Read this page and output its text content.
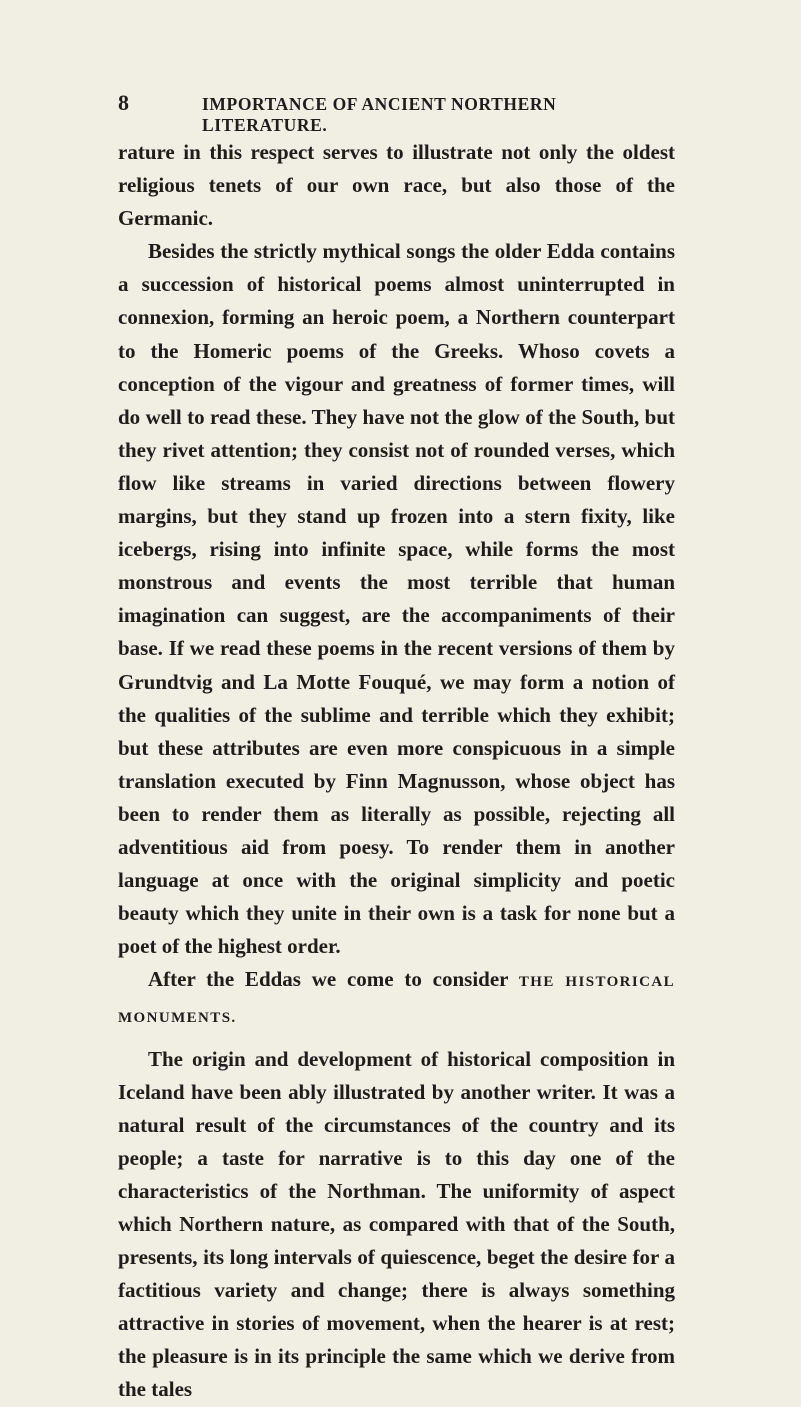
8	IMPORTANCE OF ANCIENT NORTHERN LITERATURE.

rature in this respect serves to illustrate not only the oldest religious tenets of our own race, but also those of the Germanic.

Besides the strictly mythical songs the older Edda contains a succession of historical poems almost uninterrupted in connexion, forming an heroic poem, a Northern counterpart to the Homeric poems of the Greeks. Whoso covets a conception of the vigour and greatness of former times, will do well to read these. They have not the glow of the South, but they rivet attention; they consist not of rounded verses, which flow like streams in varied directions between flowery margins, but they stand up frozen into a stern fixity, like icebergs, rising into infinite space, while forms the most monstrous and events the most terrible that human imagination can suggest, are the accompaniments of their base. If we read these poems in the recent versions of them by Grundtvig and La Motte Fouqué, we may form a notion of the qualities of the sublime and terrible which they exhibit; but these attributes are even more conspicuous in a simple translation executed by Finn Magnusson, whose object has been to render them as literally as possible, rejecting all adventitious aid from poesy. To render them in another language at once with the original simplicity and poetic beauty which they unite in their own is a task for none but a poet of the highest order.

After the Eddas we come to consider THE HISTORICAL MONUMENTS.

The origin and development of historical composition in Iceland have been ably illustrated by another writer. It was a natural result of the circumstances of the country and its people; a taste for narrative is to this day one of the characteristics of the Northman. The uniformity of aspect which Northern nature, as compared with that of the South, presents, its long intervals of quiescence, beget the desire for a factitious variety and change; there is always something attractive in stories of movement, when the hearer is at rest; the pleasure is in its principle the same which we derive from the tales
